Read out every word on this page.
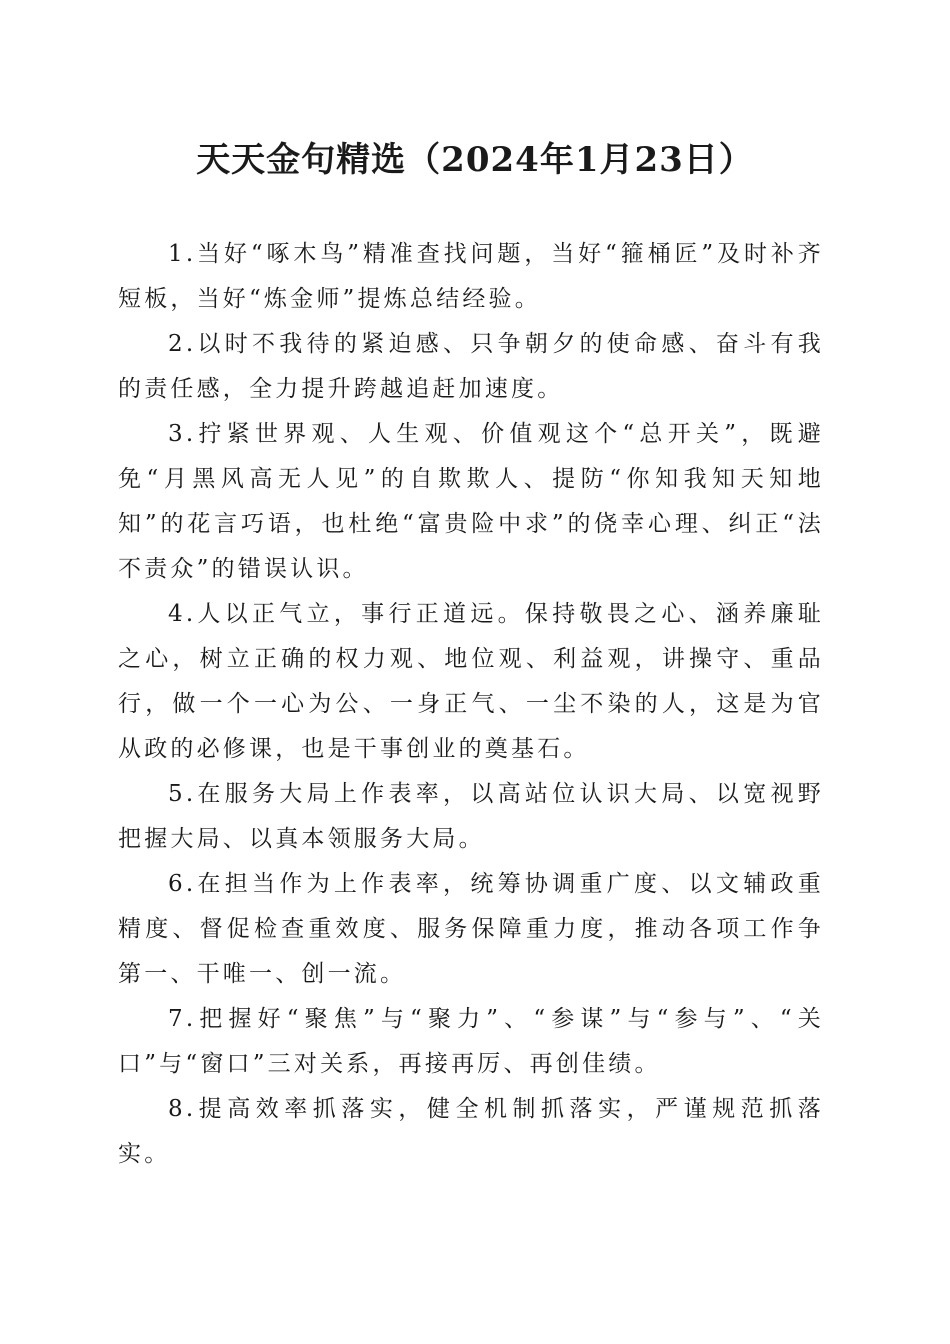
天天金句精选（2024年1月23日）

1.当好“啄木鸟”精准查找问题，当好“箍桶匠”及时补齐短板，当好“炼金师”提炼总结经验。

2.以时不我待的紧迫感、只争朝夕的使命感、奋斗有我的责任感，全力提升跨越追赶加速度。

3.拧紧世界观、人生观、价值观这个“总开关”，既避免“月黑风高无人见”的自欺欺人、提防“你知我知天知地知”的花言巧语，也杜绝“富贵险中求”的侥幸心理、纠正“法不责众”的错误认识。

4.人以正气立，事行正道远。保持敬畏之心、涵养廉耻之心，树立正确的权力观、地位观、利益观，讲操守、重品行，做一个一心为公、一身正气、一尘不染的人，这是为官从政的必修课，也是干事创业的奠基石。

5.在服务大局上作表率，以高站位认识大局、以宽视野把握大局、以真本领服务大局。

6.在担当作为上作表率，统筹协调重广度、以文辅政重精度、督促检查重效度、服务保障重力度，推动各项工作争第一、干唯一、创一流。

7.把握好“聚焦”与“聚力”、“参谋”与“参与”、“关口”与“窗口”三对关系，再接再厉、再创佳绩。

8.提高效率抓落实，健全机制抓落实，严谨规范抓落实。
